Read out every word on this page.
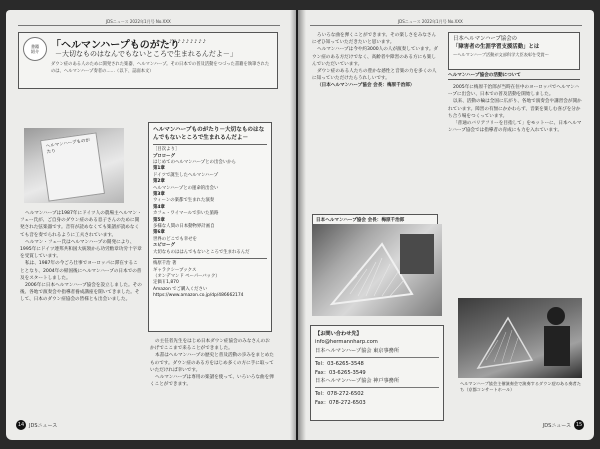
JDSニュース 2022年1月号 No.XXX
書籍
紹介
「ヘルマンハープものがたり
♪♪♪♪♪♪♪♪♪
－大切なものはなんでもないところで生まれるんだよ－」
ダウン症のある人のために開発された楽器、ヘルマンハープ。その日本での普及活動をつづった書籍を執筆されたのは、ヘルマンハープ奏者の……（以下、誌面本文）
ヘルマンハープものがたり
ヘルマンハープものがたり－大切なものはなんでもないところで生まれるんだよ－
［目次より］
プロローグ
はじめてのヘルマンハープとの出会いから
第1章
ドイツで誕生したヘルマンハープ
第2章
ヘルマンハープとの運命的出会い
第3章
ウィーンの楽都で生まれた演奏
第4章
カフェ・ワイマールで歩いた旅路
第5章
多様な人間の日本動物界計画自
第6章
世界のどこでも幸せを
エピローグ
大切なものははんでもないところで生まれるんだ
梅原千治 著
ギャラクシーブックス
（オンデマンド ペーパーバック）
定価￥1,870
Amazon でご購入ください
https://www.amazon.co.jp/dp/486662174

ヘルマンハープは1987年にドイツ人の農場主ヘルマン・フェー氏が、ご自身のダウン症のある息子さんのために開発された弦楽器です。音符が読めなくても楽譜が読めなくても音を奏でられるように工夫されています。

ヘルマン・フェー氏はヘルマンハープの開発により、1995年にドイツ連邦共和国大統領から功労勲章功労十字章を受賞しています。

私は、1987年の今ごろ仕事でヨーロッパに滞在することとなり、2004年の帰国後にヘルマンハープの日本での普及をスタートしました。

2006年に日本ヘルマンハープ協会を設立しました。その後、各地で演奏会や指導者養成講座を開いてきました。そして、日本のダウン症協会の皆様とも出会いました。

の主任者先生をはじめ日本ダウン症協会のみなさんのおかげでここまで来ることができました。

本書はヘルマンハープの歴史と普及活動の歩みをまとめたものです。ダウン症のある方をはじめ多くの方に手に取っていただければ幸いです。

ヘルマンハープは専用の楽譜を使って、いろいろな曲を弾くことができます。

14 JDSニュース
JDSニュース 2022年1月号 No.XXX

ろいろな曲を弾くことができます。その楽しさをみなさんにぜひ知っていただきたいと思います。

ヘルマンハープは今や約3000人の人が演奏しています。ダウン症のある方だけでなく、高齢者や障害のある方にも楽しんでいただいています。

ダウン症のある人たちの豊かな感性と音楽の力を多くの人に知っていただけたらうれしいです。

（日本ヘルマンハープ協会 会長：梅原千治郎）

日本ヘルマンハープ協会の
「障害者の生涯学習支援活動」とは
～ヘルマンハープ活動が文部科学大臣表彰を受賞～
ヘルマンハープ協会の活動について

2005年に梅原千治郎が当時在住中のヨーロッパでヘルマンハープに出会い、日本での普及活動を開始しました。

以来、活動の輪は全国に広がり、各地で演奏会や講習会が開かれています。障害の有無にかかわらず、音楽を楽しむ喜びを分かち合う場をつくっています。

「普通のバリアフリーを目指して」をモットーに、日本ヘルマンハープ協会では指導者の育成にも力を入れています。

日本ヘルマンハープ協会 会長：梅原千治郎
【お問い合わせ先】
info@hermannharp.com
日本ヘルマンハープ協会 東京事務所
Tel：03-6265-3548
Fax：03-6265-3549
日本ヘルマンハープ協会 神戸事務所
Tel：078-272-6502
Fax：078-272-6503
ヘルマンハープ協会主催演奏会で演奏するダウン症のある奏者たち（京都コンサートホール）
JDSニュース 15
